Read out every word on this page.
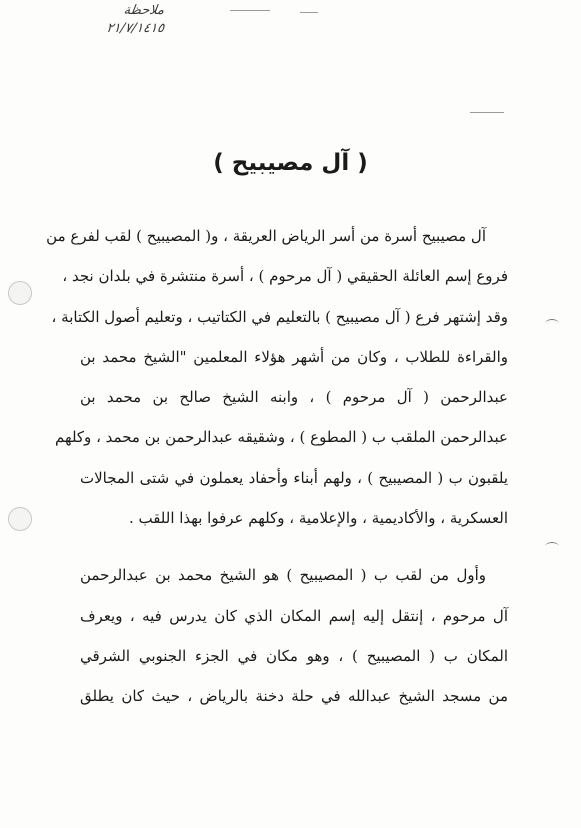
ملاحظة
٢١/٧/١٤١٥
( آل مصيبيح )
آل مصيبيح أسرة من أسر الرياض العريقة ، و( المصيبيح ) لقب لفرع من
فروع إسم العائلة الحقيقي ( آل مرحوم ) ، أسرة منتشرة في بلدان نجد ،
وقد إشتهر فرع ( آل مصيبيح ) بالتعليم في الكتاتيب ، وتعليم أصول الكتابة ،
والقراءة للطلاب ، وكان من أشهر هؤلاء المعلمين "الشيخ محمد بن
عبدالرحمن ( آل مرحوم ) ، وابنه الشيخ صالح بن محمد بن
عبدالرحمن الملقب ب ( المطوع ) ، وشقيقه عبدالرحمن بن محمد ، وكلهم
يلقبون ب ( المصيبيح ) ، ولهم أبناء وأحفاد يعملون في شتى المجالات
العسكرية ، والأكاديمية ، والإعلامية ، وكلهم عرفوا بهذا اللقب .
وأول من لقب ب ( المصيبيح ) هو الشيخ محمد بن عبدالرحمن
آل مرحوم ، إنتقل إليه إسم المكان الذي كان يدرس فيه ، ويعرف
المكان ب ( المصيبيح ) ، وهو مكان في الجزء الجنوبي الشرقي
من مسجد الشيخ عبدالله في حلة دخنة بالرياض ، حيث كان يطلق
